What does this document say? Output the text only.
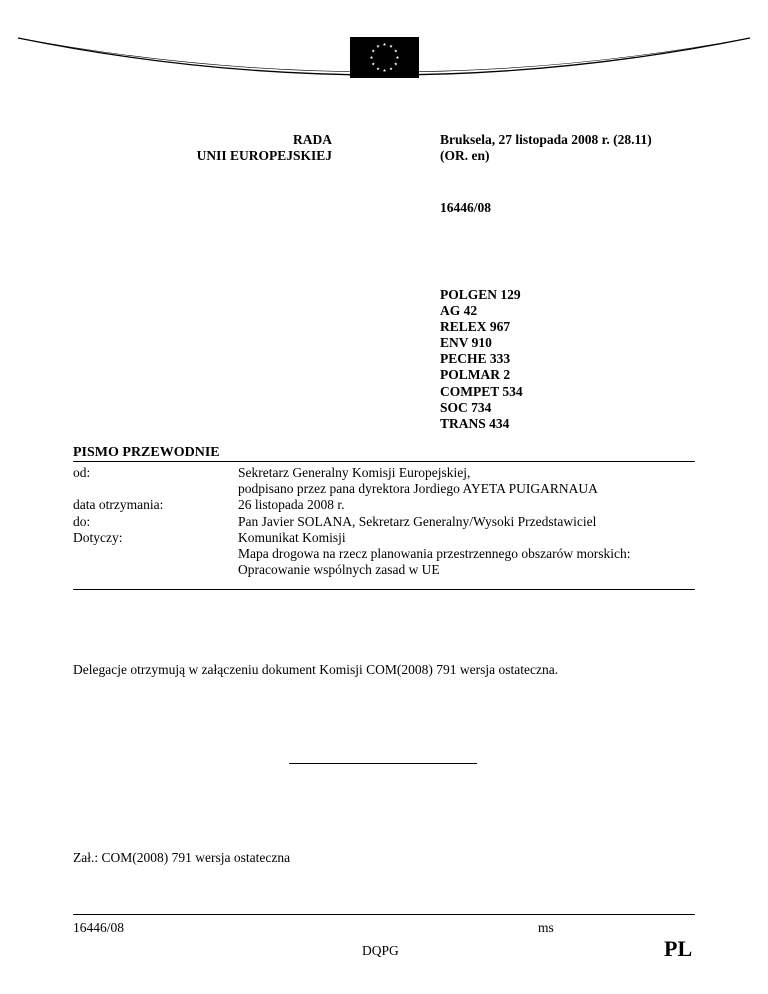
RADA
UNII EUROPEJSKIEJ
Bruksela, 27 listopada 2008 r. (28.11)
(OR. en)
16446/08
POLGEN 129
AG 42
RELEX 967
ENV 910
PECHE 333
POLMAR 2
COMPET 534
SOC 734
TRANS 434
PISMO PRZEWODNIE
od:	Sekretarz Generalny Komisji Europejskiej,
podpisano przez pana dyrektora Jordiego AYETA PUIGARNAUA
data otrzymania:	26 listopada 2008 r.
do:	Pan Javier SOLANA, Sekretarz Generalny/Wysoki Przedstawiciel
Dotyczy:	Komunikat Komisji
Mapa drogowa na rzecz planowania przestrzennego obszarów morskich:
Opracowanie wspólnych zasad w UE
Delegacje otrzymują w załączeniu dokument Komisji COM(2008) 791 wersja ostateczna.
Zał.: COM(2008) 791 wersja ostateczna
16446/08	ms
DQPG	PL
